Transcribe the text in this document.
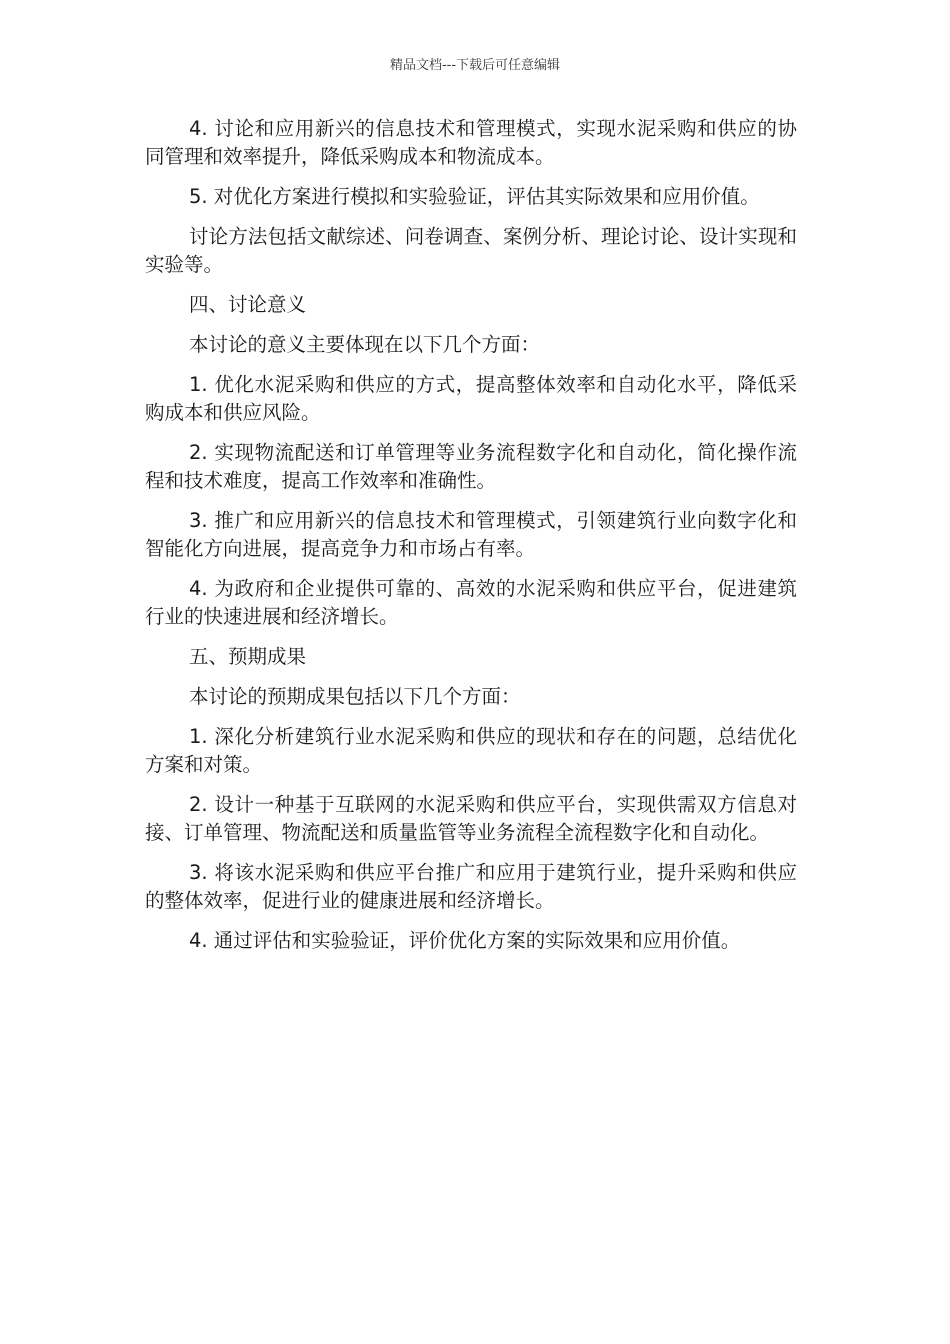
精品文档---下载后可任意编辑

4. 讨论和应用新兴的信息技术和管理模式，实现水泥采购和供应的协同管理和效率提升，降低采购成本和物流成本。

5. 对优化方案进行模拟和实验验证，评估其实际效果和应用价值。

讨论方法包括文献综述、问卷调查、案例分析、理论讨论、设计实现和实验等。

四、讨论意义

本讨论的意义主要体现在以下几个方面：

1. 优化水泥采购和供应的方式，提高整体效率和自动化水平，降低采购成本和供应风险。

2. 实现物流配送和订单管理等业务流程数字化和自动化，简化操作流程和技术难度，提高工作效率和准确性。

3. 推广和应用新兴的信息技术和管理模式，引领建筑行业向数字化和智能化方向进展，提高竞争力和市场占有率。

4. 为政府和企业提供可靠的、高效的水泥采购和供应平台，促进建筑行业的快速进展和经济增长。

五、预期成果

本讨论的预期成果包括以下几个方面：

1. 深化分析建筑行业水泥采购和供应的现状和存在的问题，总结优化方案和对策。

2. 设计一种基于互联网的水泥采购和供应平台，实现供需双方信息对接、订单管理、物流配送和质量监管等业务流程全流程数字化和自动化。

3. 将该水泥采购和供应平台推广和应用于建筑行业，提升采购和供应的整体效率，促进行业的健康进展和经济增长。

4. 通过评估和实验验证，评价优化方案的实际效果和应用价值。
